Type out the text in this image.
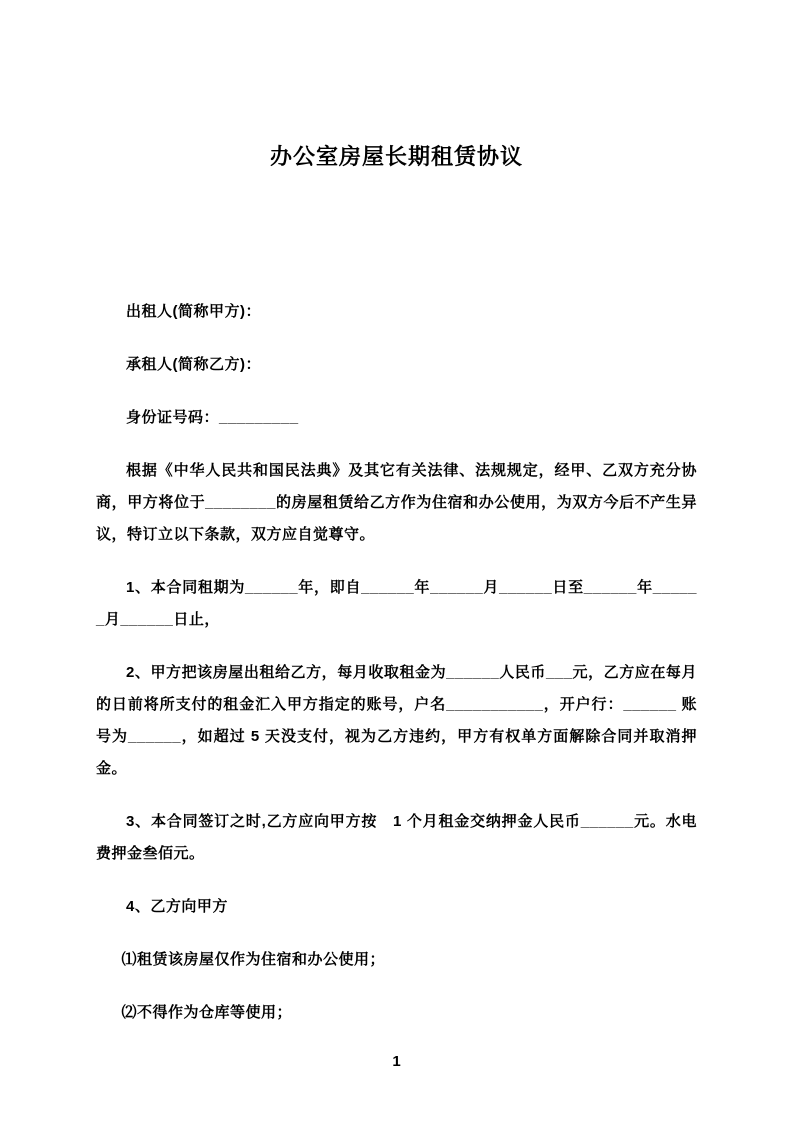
办公室房屋长期租赁协议

出租人(简称甲方)：

承租人(简称乙方)：

身份证号码：_________

根据《中华人民共和国民法典》及其它有关法律、法规规定，经甲、乙双方充分协商，甲方将位于________的房屋租赁给乙方作为住宿和办公使用，为双方今后不产生异议，特订立以下条款，双方应自觉尊守。

1、本合同租期为______年，即自______年______月______日至______年______月______日止，

2、甲方把该房屋出租给乙方，每月收取租金为______人民币___元，乙方应在每月的日前将所支付的租金汇入甲方指定的账号，户名___________，开户行：______ 账号为______，如超过 5 天没支付，视为乙方违约，甲方有权单方面解除合同并取消押金。

3、本合同签订之时,乙方应向甲方按　1 个月租金交纳押金人民币______元。水电费押金叁佰元。

4、乙方向甲方

⑴租赁该房屋仅作为住宿和办公使用；

⑵不得作为仓库等使用；

1
